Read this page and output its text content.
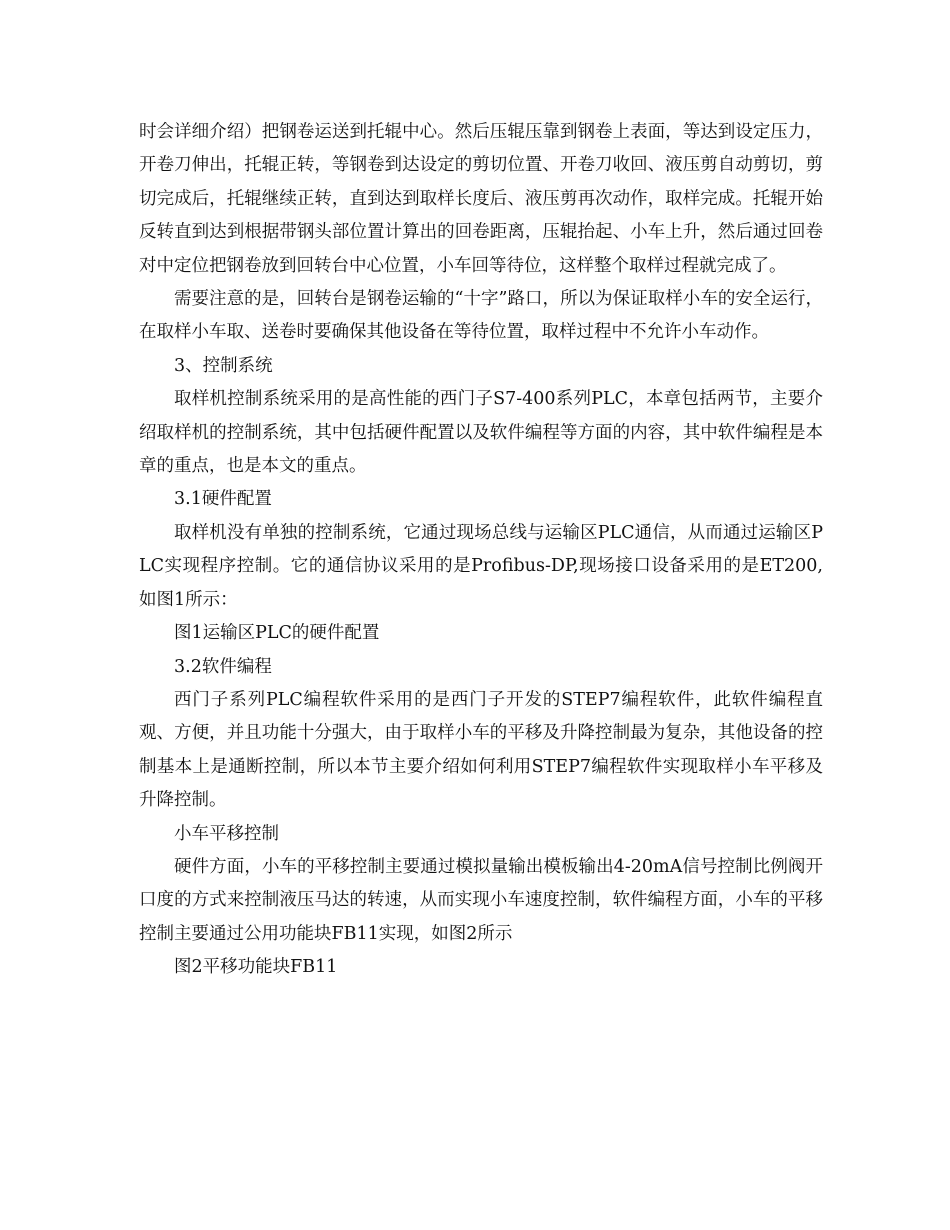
时会详细介绍）把钢卷运送到托辊中心。然后压辊压靠到钢卷上表面，等达到设定压力，开卷刀伸出，托辊正转，等钢卷到达设定的剪切位置、开卷刀收回、液压剪自动剪切，剪切完成后，托辊继续正转，直到达到取样长度后、液压剪再次动作，取样完成。托辊开始反转直到达到根据带钢头部位置计算出的回卷距离，压辊抬起、小车上升，然后通过回卷对中定位把钢卷放到回转台中心位置，小车回等待位，这样整个取样过程就完成了。

需要注意的是，回转台是钢卷运输的“十字”路口，所以为保证取样小车的安全运行，在取样小车取、送卷时要确保其他设备在等待位置，取样过程中不允许小车动作。

3、控制系统

取样机控制系统采用的是高性能的西门子S7-400系列PLC，本章包括两节，主要介绍取样机的控制系统，其中包括硬件配置以及软件编程等方面的内容，其中软件编程是本章的重点，也是本文的重点。

3.1硬件配置

取样机没有单独的控制系统，它通过现场总线与运输区PLC通信，从而通过运输区PLC实现程序控制。它的通信协议采用的是Profibus-DP,现场接口设备采用的是ET200,如图1所示：

图1运输区PLC的硬件配置

3.2软件编程

西门子系列PLC编程软件采用的是西门子开发的STEP7编程软件，此软件编程直观、方便，并且功能十分强大，由于取样小车的平移及升降控制最为复杂，其他设备的控制基本上是通断控制，所以本节主要介绍如何利用STEP7编程软件实现取样小车平移及升降控制。

小车平移控制

硬件方面，小车的平移控制主要通过模拟量输出模板输出4-20mA信号控制比例阀开口度的方式来控制液压马达的转速，从而实现小车速度控制，软件编程方面，小车的平移控制主要通过公用功能块FB11实现，如图2所示

图2平移功能块FB11
